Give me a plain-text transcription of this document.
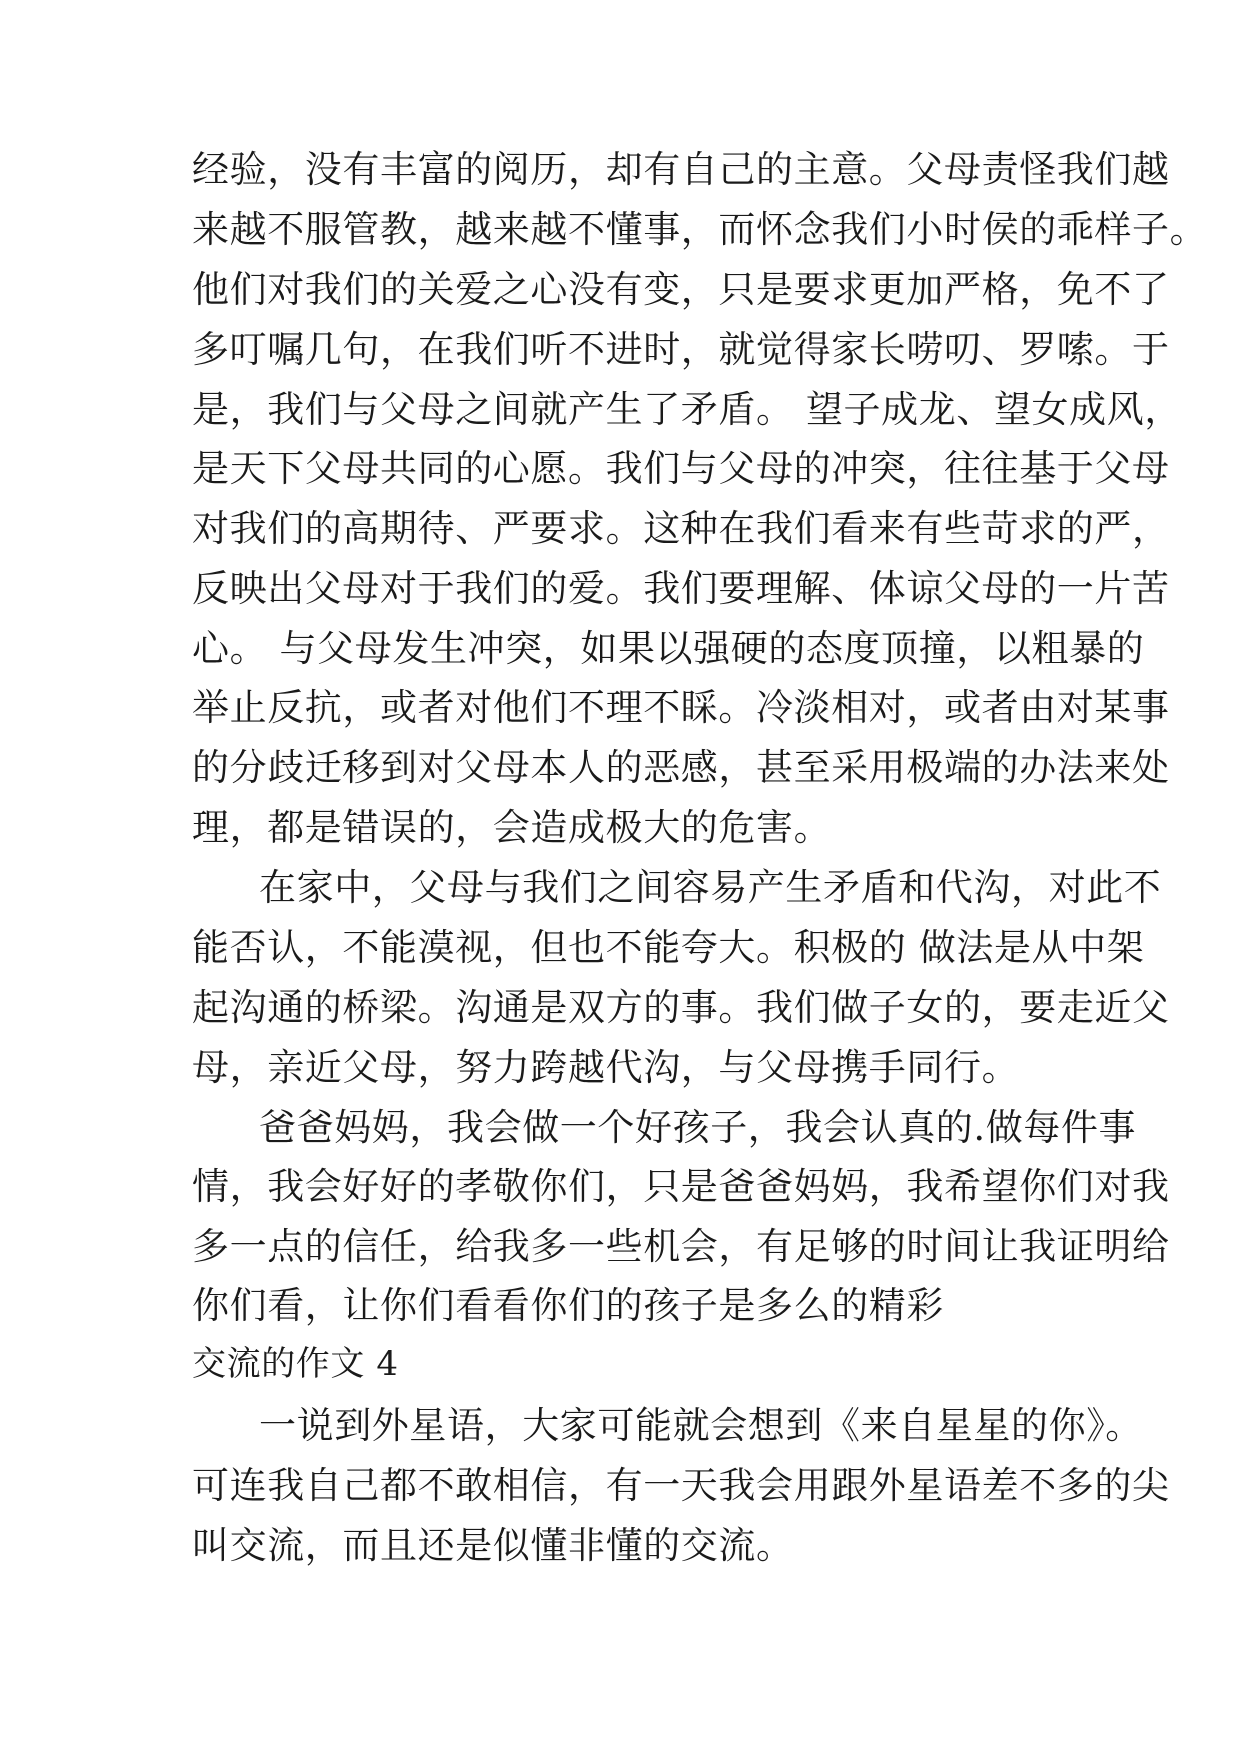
经验，没有丰富的阅历，却有自己的主意。父母责怪我们越
来越不服管教，越来越不懂事，而怀念我们小时侯的乖样子。
他们对我们的关爱之心没有变，只是要求更加严格，免不了
多叮嘱几句，在我们听不进时，就觉得家长唠叨、罗嗦。于
是，我们与父母之间就产生了矛盾。 望子成龙、望女成风，
是天下父母共同的心愿。我们与父母的冲突，往往基于父母
对我们的高期待、严要求。这种在我们看来有些苛求的严，
反映出父母对于我们的爱。我们要理解、体谅父母的一片苦
心。 与父母发生冲突，如果以强硬的态度顶撞，以粗暴的
举止反抗，或者对他们不理不睬。冷淡相对，或者由对某事
的分歧迁移到对父母本人的恶感，甚至采用极端的办法来处
理，都是错误的，会造成极大的危害。
在家中，父母与我们之间容易产生矛盾和代沟，对此不
能否认，不能漠视，但也不能夸大。积极的 做法是从中架
起沟通的桥梁。沟通是双方的事。我们做子女的，要走近父
母，亲近父母，努力跨越代沟，与父母携手同行。
爸爸妈妈，我会做一个好孩子，我会认真的.做每件事
情，我会好好的孝敬你们，只是爸爸妈妈，我希望你们对我
多一点的信任，给我多一些机会，有足够的时间让我证明给
你们看，让你们看看你们的孩子是多么的精彩
交流的作文 4
一说到外星语，大家可能就会想到《来自星星的你》。
可连我自己都不敢相信，有一天我会用跟外星语差不多的尖
叫交流，而且还是似懂非懂的交流。
